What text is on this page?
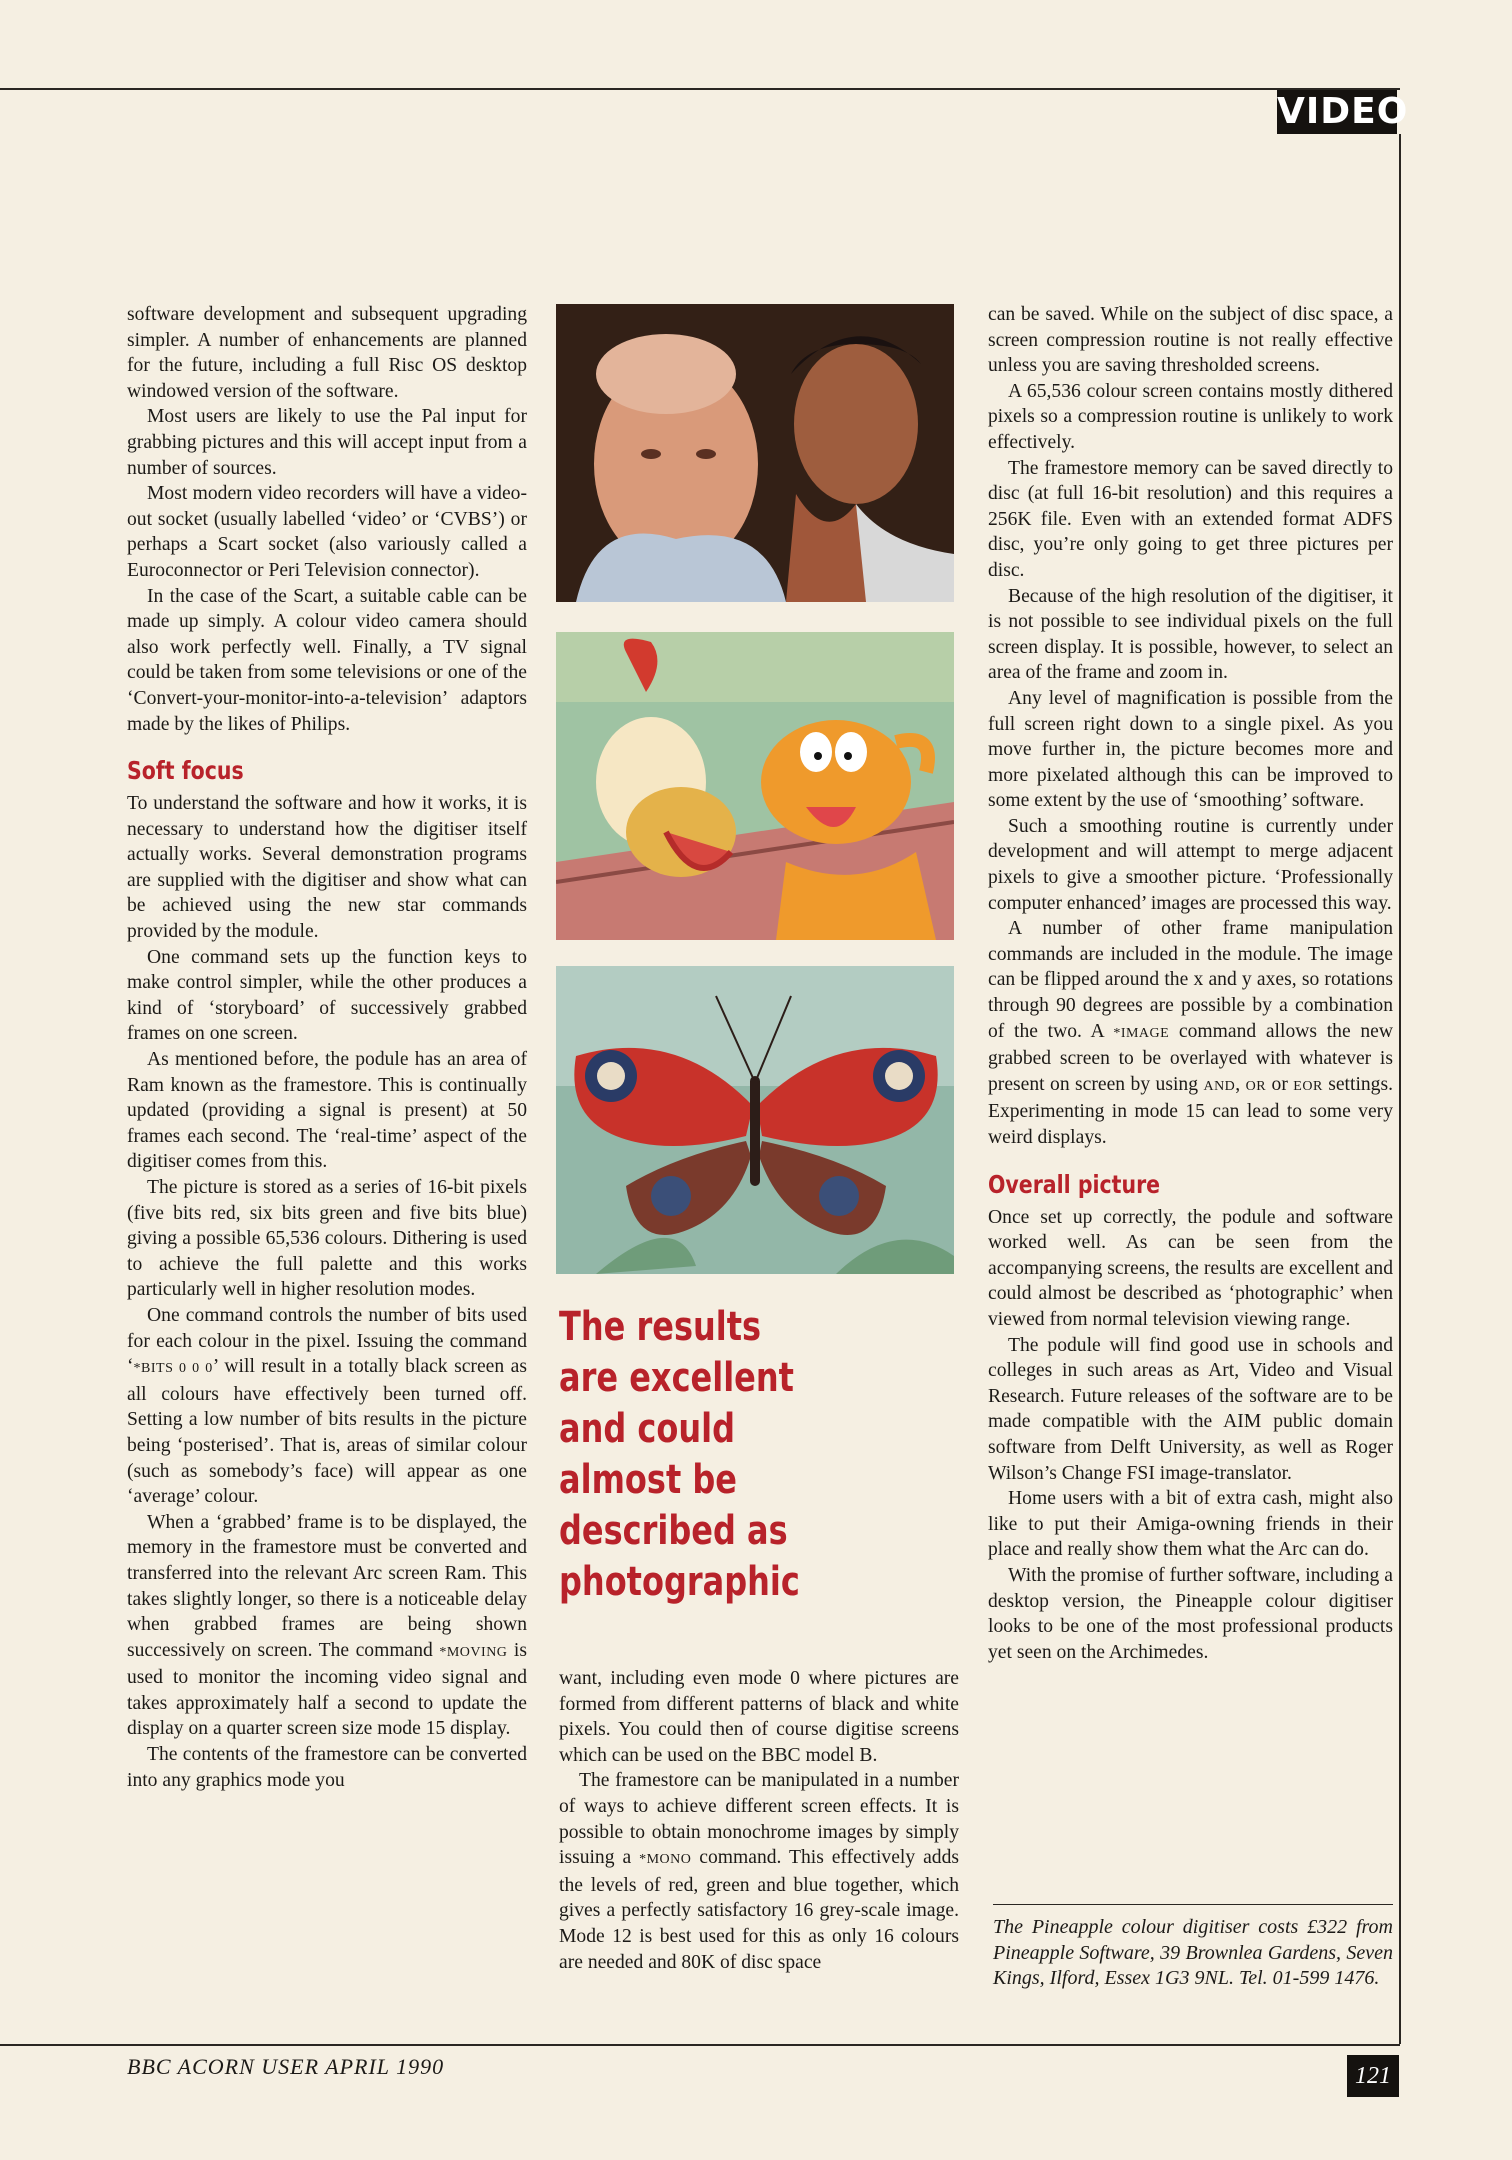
VIDEO

software development and subsequent upgrading simpler. A number of enhancements are planned for the future, including a full Risc OS desktop windowed version of the software.

Most users are likely to use the Pal input for grabbing pictures and this will accept input from a number of sources.

Most modern video recorders will have a video-out socket (usually labelled ‘video’ or ‘CVBS’) or perhaps a Scart socket (also variously called a Euroconnector or Peri Television connector).

In the case of the Scart, a suitable cable can be made up simply. A colour video camera should also work perfectly well. Finally, a TV signal could be taken from some televisions or one of the ‘Convert-your-monitor-into-a-television’ adaptors made by the likes of Philips.

Soft focus

To understand the software and how it works, it is necessary to understand how the digitiser itself actually works. Several demonstration programs are supplied with the digitiser and show what can be achieved using the new star commands provided by the module.

One command sets up the function keys to make control simpler, while the other produces a kind of ‘storyboard’ of successively grabbed frames on one screen.

As mentioned before, the podule has an area of Ram known as the framestore. This is continually updated (providing a signal is present) at 50 frames each second. The ‘real-time’ aspect of the digitiser comes from this.

The picture is stored as a series of 16-bit pixels (five bits red, six bits green and five bits blue) giving a possible 65,536 colours. Dithering is used to achieve the full palette and this works particularly well in higher resolution modes.

One command controls the number of bits used for each colour in the pixel. Issuing the command ‘*BITS 0 0 0’ will result in a totally black screen as all colours have effectively been turned off. Setting a low number of bits results in the picture being ‘posterised’. That is, areas of similar colour (such as somebody’s face) will appear as one ‘average’ colour.

When a ‘grabbed’ frame is to be displayed, the memory in the framestore must be converted and transferred into the relevant Arc screen Ram. This takes slightly longer, so there is a noticeable delay when grabbed frames are being shown successively on screen. The command *MOVING is used to monitor the incoming video signal and takes approximately half a second to update the display on a quarter screen size mode 15 display.

The contents of the framestore can be converted into any graphics mode you

The results
are excellent
and could
almost be
described as
photographic

want, including even mode 0 where pictures are formed from different patterns of black and white pixels. You could then of course digitise screens which can be used on the BBC model B.

The framestore can be manipulated in a number of ways to achieve different screen effects. It is possible to obtain monochrome images by simply issuing a *MONO command. This effectively adds the levels of red, green and blue together, which gives a perfectly satisfactory 16 grey-scale image. Mode 12 is best used for this as only 16 colours are needed and 80K of disc space

can be saved. While on the subject of disc space, a screen compression routine is not really effective unless you are saving thresholded screens.

A 65,536 colour screen contains mostly dithered pixels so a compression routine is unlikely to work effectively.

The framestore memory can be saved directly to disc (at full 16-bit resolution) and this requires a 256K file. Even with an extended format ADFS disc, you’re only going to get three pictures per disc.

Because of the high resolution of the digitiser, it is not possible to see individual pixels on the full screen display. It is possible, however, to select an area of the frame and zoom in.

Any level of magnification is possible from the full screen right down to a single pixel. As you move further in, the picture becomes more and more pixelated although this can be improved to some extent by the use of ‘smoothing’ software.

Such a smoothing routine is currently under development and will attempt to merge adjacent pixels to give a smoother picture. ‘Professionally computer enhanced’ images are processed this way.

A number of other frame manipulation commands are included in the module. The image can be flipped around the x and y axes, so rotations through 90 degrees are possible by a combination of the two. A *IMAGE command allows the new grabbed screen to be overlayed with whatever is present on screen by using AND, OR or EOR settings. Experimenting in mode 15 can lead to some very weird displays.

Overall picture

Once set up correctly, the podule and software worked well. As can be seen from the accompanying screens, the results are excellent and could almost be described as ‘photographic’ when viewed from normal television viewing range.

The podule will find good use in schools and colleges in such areas as Art, Video and Visual Research. Future releases of the software are to be made compatible with the AIM public domain software from Delft University, as well as Roger Wilson’s Change FSI image-translator.

Home users with a bit of extra cash, might also like to put their Amiga-owning friends in their place and really show them what the Arc can do.

With the promise of further software, including a desktop version, the Pineapple colour digitiser looks to be one of the most professional products yet seen on the Archimedes.

The Pineapple colour digitiser costs £322 from Pineapple Software, 39 Brownlea Gardens, Seven Kings, Ilford, Essex 1G3 9NL. Tel. 01-599 1476.
BBC ACORN USER APRIL 1990	121
